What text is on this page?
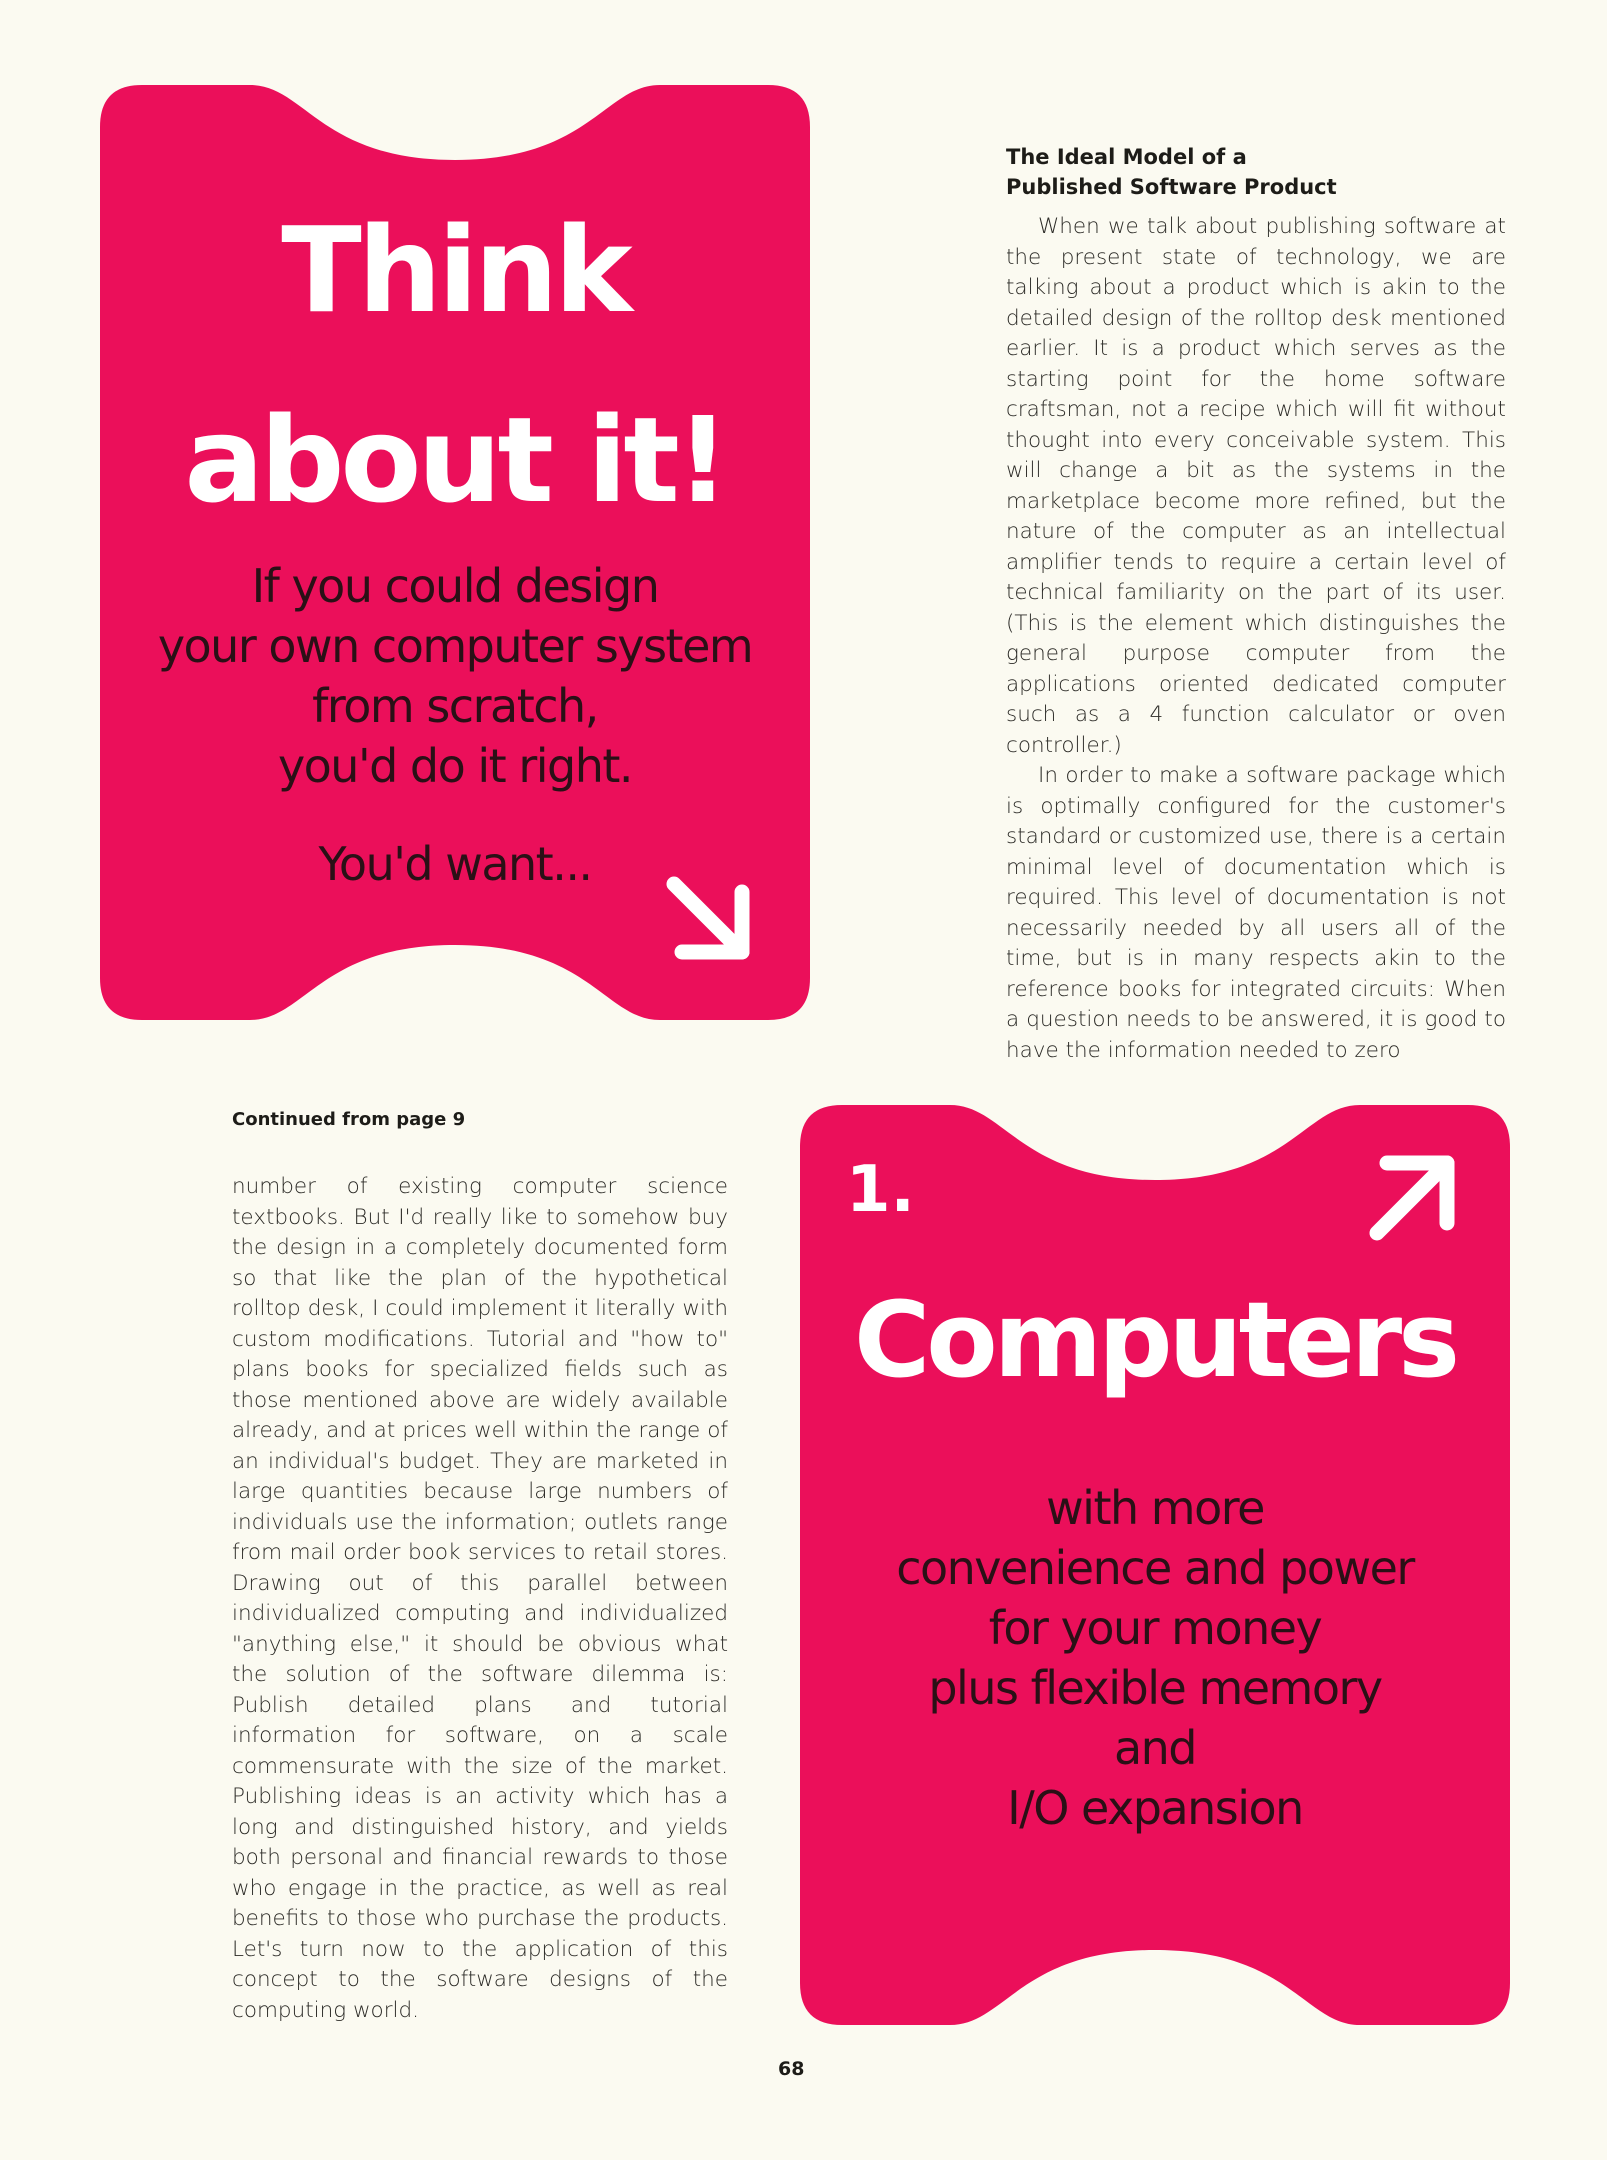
Think
about it!
If you could design
your own computer system
from scratch,
you'd do it right.
You'd want...
The Ideal Model of a
Published Software Product

When we talk about publishing software at the present state of technology, we are talking about a product which is akin to the detailed design of the rolltop desk mentioned earlier. It is a product which serves as the starting point for the home software craftsman, not a recipe which will fit without thought into every conceivable system. This will change a bit as the systems in the marketplace become more refined, but the nature of the computer as an intellectual amplifier tends to require a certain level of technical familiarity on the part of its user. (This is the element which distinguishes the general purpose computer from the applications oriented dedicated computer such as a 4 function calculator or oven controller.)

In order to make a software package which is optimally configured for the customer's standard or customized use, there is a certain minimal level of documentation which is required. This level of documentation is not necessarily needed by all users all of the time, but is in many respects akin to the reference books for integrated circuits: When a question needs to be answered, it is good to have the information needed to zero

Continued from page 9

number of existing computer science textbooks. But I'd really like to somehow buy the design in a completely documented form so that like the plan of the hypothetical rolltop desk, I could implement it literally with custom modifications. Tutorial and "how to" plans books for specialized fields such as those mentioned above are widely available already, and at prices well within the range of an individual's budget. They are marketed in large quantities because large numbers of individuals use the information; outlets range from mail order book services to retail stores. Drawing out of this parallel between individualized computing and individualized "anything else," it should be obvious what the solution of the software dilemma is: Publish detailed plans and tutorial information for software, on a scale commensurate with the size of the market. Publishing ideas is an activity which has a long and distinguished history, and yields both personal and financial rewards to those who engage in the practice, as well as real benefits to those who purchase the products. Let's turn now to the application of this concept to the software designs of the computing world.

1.
Computers
with more
convenience and power
for your money
plus flexible memory
and
I/O expansion
68
